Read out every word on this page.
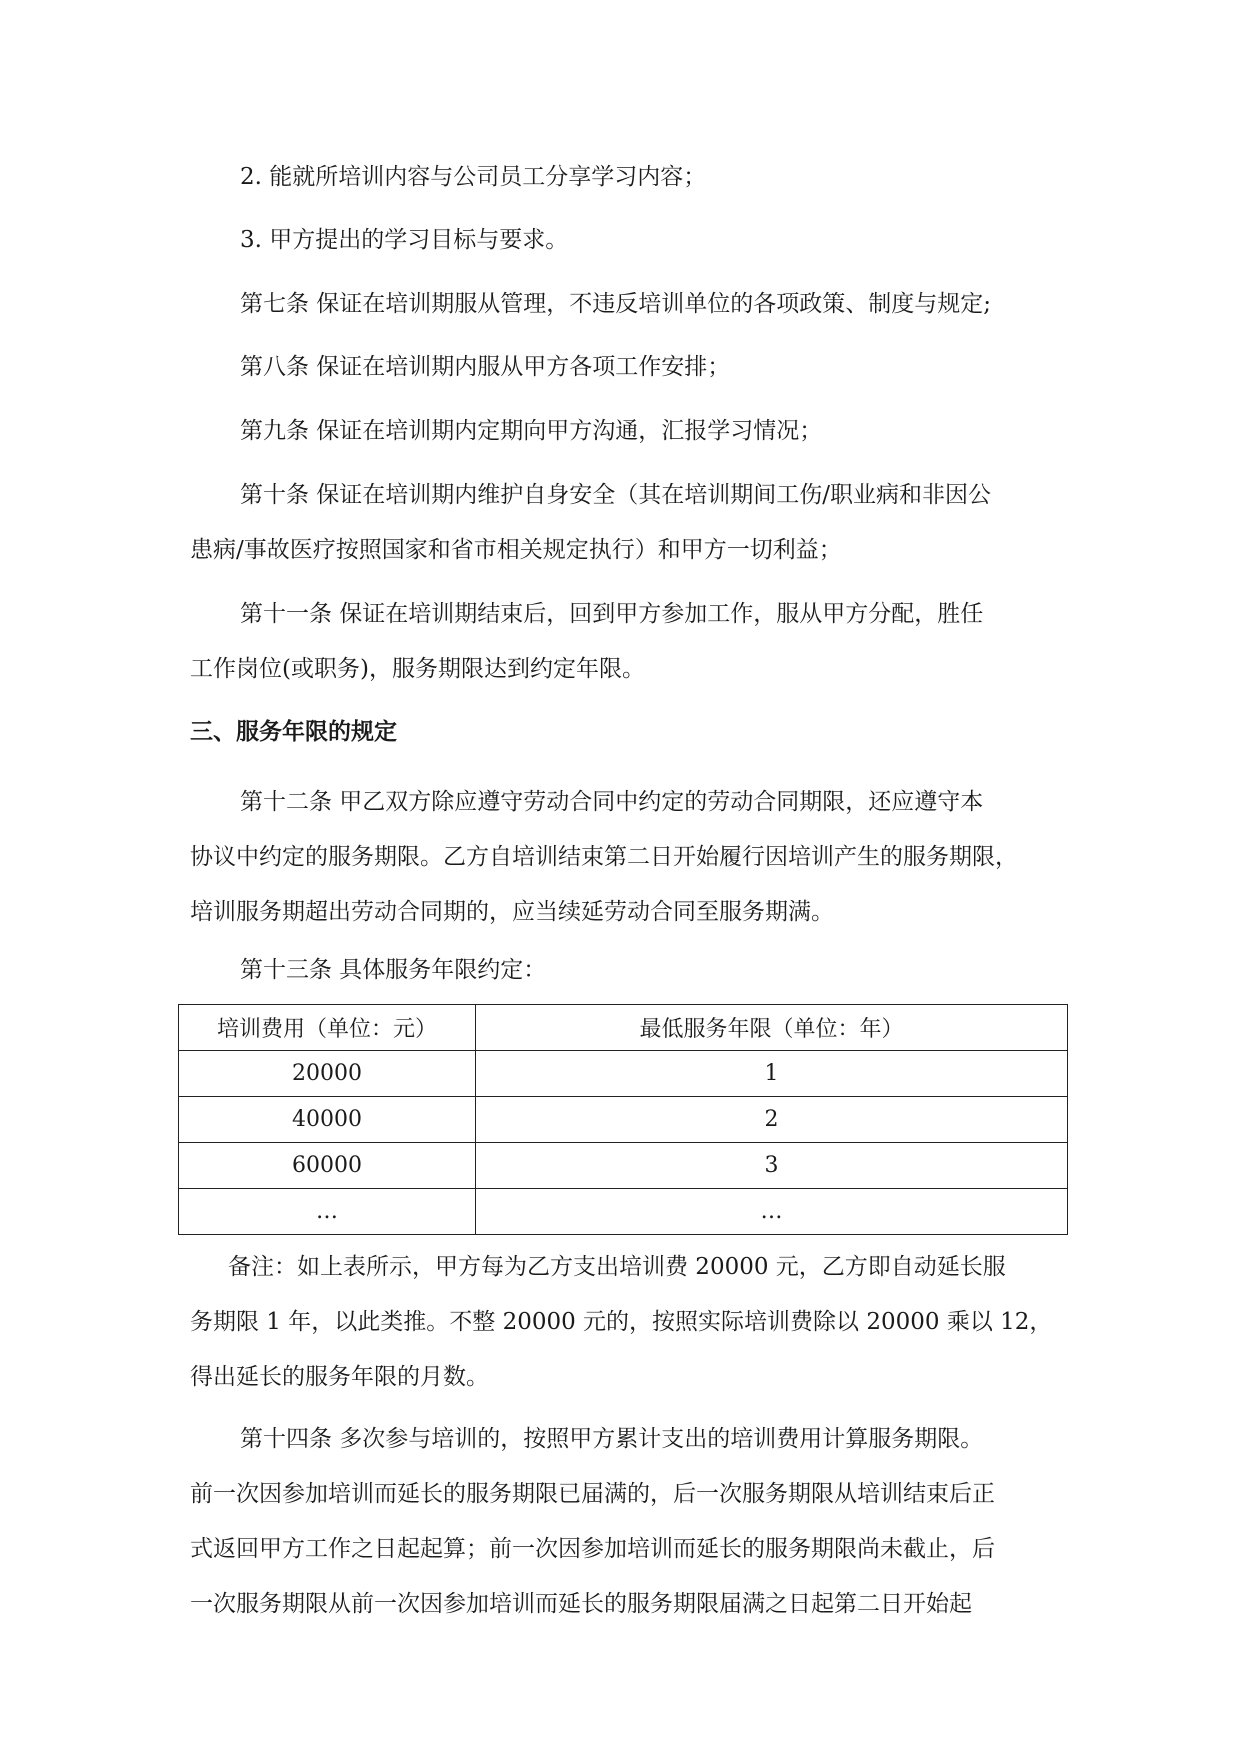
2. 能就所培训内容与公司员工分享学习内容；

3. 甲方提出的学习目标与要求。

第七条 保证在培训期服从管理，不违反培训单位的各项政策、制度与规定;

第八条 保证在培训期内服从甲方各项工作安排；

第九条 保证在培训期内定期向甲方沟通，汇报学习情况；

第十条 保证在培训期内维护自身安全（其在培训期间工伤/职业病和非因公

患病/事故医疗按照国家和省市相关规定执行）和甲方一切利益；

第十一条 保证在培训期结束后，回到甲方参加工作，服从甲方分配，胜任

工作岗位(或职务)，服务期限达到约定年限。

三、服务年限的规定

第十二条 甲乙双方除应遵守劳动合同中约定的劳动合同期限，还应遵守本

协议中约定的服务期限。乙方自培训结束第二日开始履行因培训产生的服务期限，

培训服务期超出劳动合同期的，应当续延劳动合同至服务期满。

第十三条 具体服务年限约定：

培训费用（单位：元）	最低服务年限（单位：年）
20000	1
40000	2
60000	3
…	…

备注：如上表所示，甲方每为乙方支出培训费 20000 元，乙方即自动延长服

务期限 1 年，以此类推。不整 20000 元的，按照实际培训费除以 20000 乘以 12，

得出延长的服务年限的月数。

第十四条 多次参与培训的，按照甲方累计支出的培训费用计算服务期限。

前一次因参加培训而延长的服务期限已届满的，后一次服务期限从培训结束后正

式返回甲方工作之日起起算；前一次因参加培训而延长的服务期限尚未截止，后

一次服务期限从前一次因参加培训而延长的服务期限届满之日起第二日开始起
